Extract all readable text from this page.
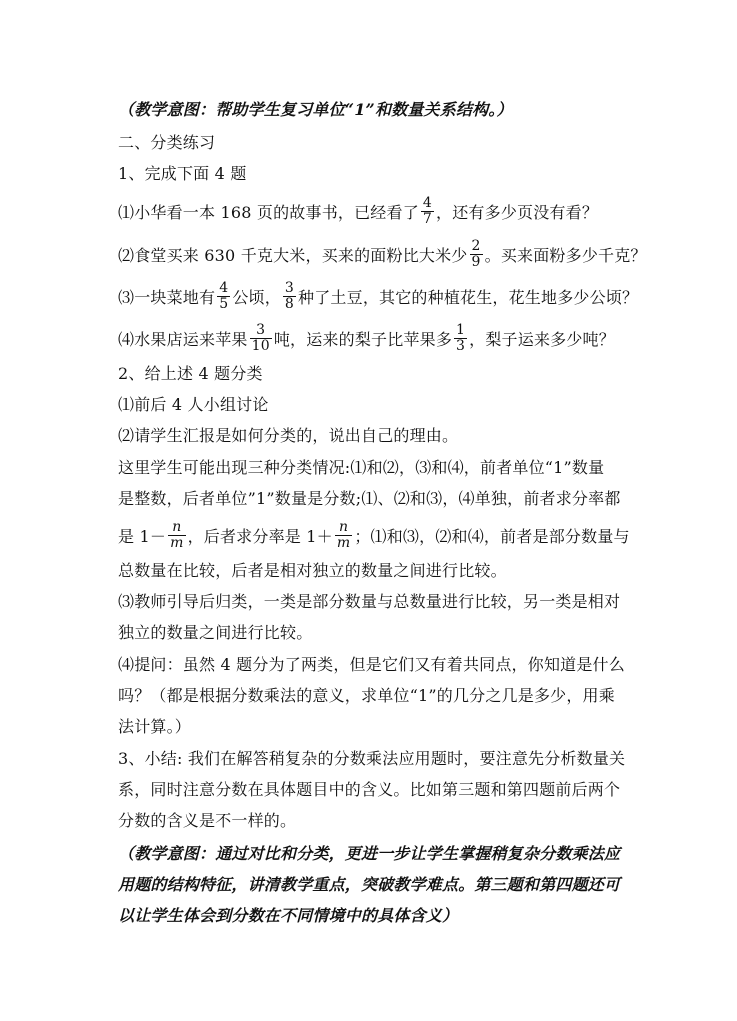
（教学意图：帮助学生复习单位“1”和数量关系结构。）
二、分类练习
1、完成下面 4 题
⑴小华看一本 168 页的故事书，已经看了 $\frac{4}{7}$ ，还有多少页没有看？
⑵食堂买来 630 千克大米，买来的面粉比大米少 $\frac{2}{9}$ 。买来面粉多少千克？
⑶一块菜地有 $\frac{4}{5}$ 公顷， $\frac{3}{8}$ 种了土豆，其它的种植花生，花生地多少公顷？
⑷水果店运来苹果 $\frac{3}{10}$ 吨，运来的梨子比苹果多 $\frac{1}{3}$ ，梨子运来多少吨？
2、给上述 4 题分类
⑴前后 4 人小组讨论
⑵请学生汇报是如何分类的，说出自己的理由。
这里学生可能出现三种分类情况:⑴和⑵，⑶和⑷，前者单位“1”数量
是整数，后者单位”1”数量是分数;⑴、⑵和⑶，⑷单独，前者求分率都
是 $1- \frac{n}{m}$ ，后者求分率是 $1+ \frac{n}{m}$ ；⑴和⑶，⑵和⑷，前者是部分数量与
总数量在比较，后者是相对独立的数量之间进行比较。
⑶教师引导后归类，一类是部分数量与总数量进行比较，另一类是相对
独立的数量之间进行比较。
⑷提问：虽然 4 题分为了两类，但是它们又有着共同点，你知道是什么
吗？（都是根据分数乘法的意义，求单位“1”的几分之几是多少，用乘
法计算。）
3、小结: 我们在解答稍复杂的分数乘法应用题时，要注意先分析数量关
系，同时注意分数在具体题目中的含义。比如第三题和第四题前后两个
分数的含义是不一样的。
（教学意图：通过对比和分类，更进一步让学生掌握稍复杂分数乘法应
用题的结构特征，讲清教学重点，突破教学难点。第三题和第四题还可
以让学生体会到分数在不同情境中的具体含义）
